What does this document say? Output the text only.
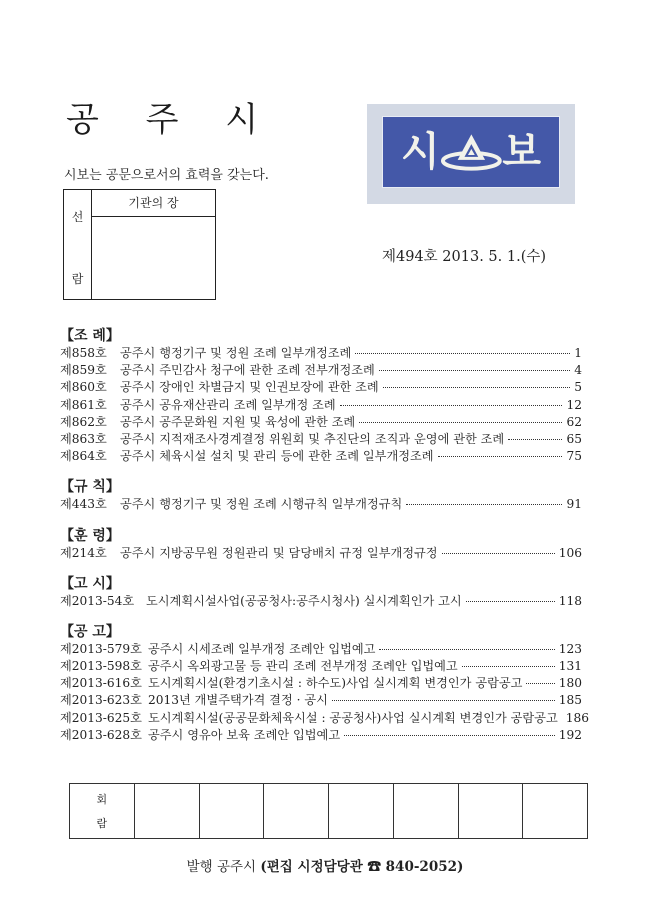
공 주 시
시 보
시보는 공문으로서의 효력을 갖는다.
선
람
기관의 장
제494호 2013. 5. 1.(수)
【조 례】
제858호	공주시 행정기구 및 정원 조례 일부개정조례	1
제859호	공주시 주민감사 청구에 관한 조례 전부개정조례	4
제860호	공주시 장애인 차별금지 및 인권보장에 관한 조례	5
제861호	공주시 공유재산관리 조례 일부개정 조례	12
제862호	공주시 공주문화원 지원 및 육성에 관한 조례	62
제863호	공주시 지적재조사경계결정 위원회 및 추진단의 조직과 운영에 관한 조례	65
제864호	공주시 체육시설 설치 및 관리 등에 관한 조례 일부개정조례	75
【규 칙】
제443호	공주시 행정기구 및 정원 조례 시행규칙 일부개정규칙	91
【훈 령】
제214호	공주시 지방공무원 정원관리 및 담당배치 규정 일부개정규정	106
【고 시】
제2013-54호 도시계획시설사업(공공청사:공주시청사) 실시계획인가 고시	118
【공 고】
제2013-579호 공주시 시세조례 일부개정 조례안 입법예고	123
제2013-598호 공주시 옥외광고물 등 관리 조례 전부개정 조례안 입법예고	131
제2013-616호 도시계획시설(환경기초시설 : 하수도)사업 실시계획 변경인가 공람공고	180
제2013-623호 2013년 개별주택가격 결정 · 공시	185
제2013-625호 도시계획시설(공공문화체육시설 : 공공청사)사업 실시계획 변경인가 공람공고 186
제2013-628호 공주시 영유아 보육 조례안 입법예고	192
회
람
발행 공주시 (편집 시정담당관 ☎ 840-2052)
